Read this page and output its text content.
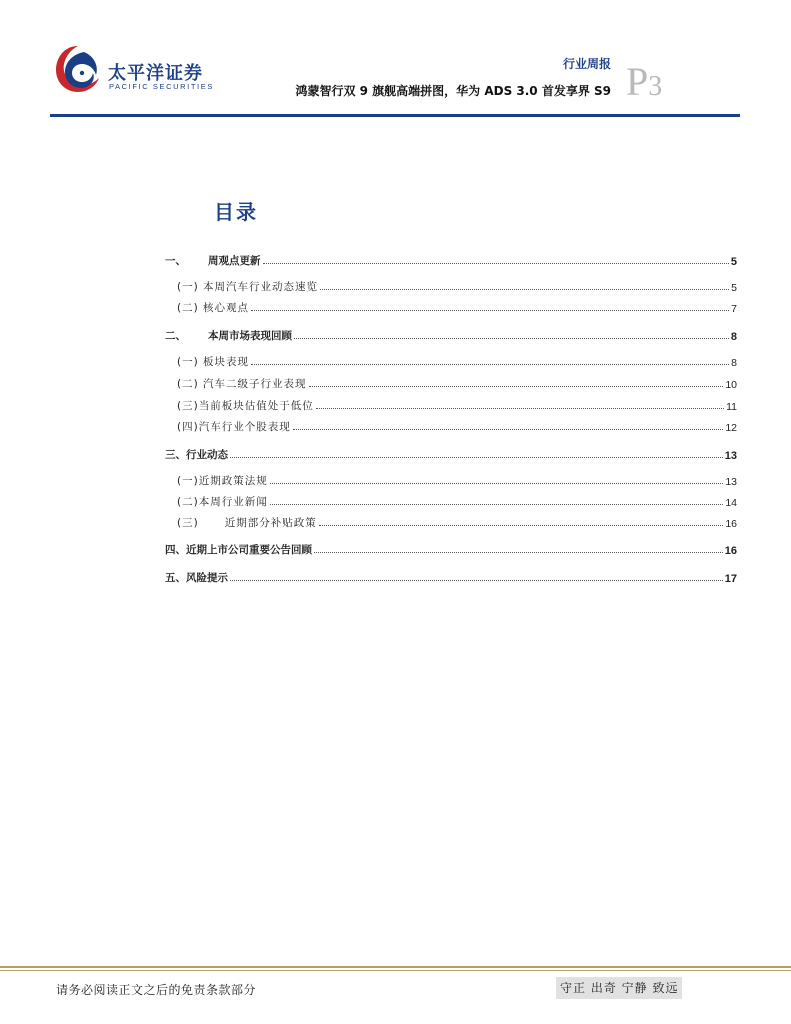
太平洋证券
PACIFIC SECURITIES
行业周报
鸿蒙智行双 9 旗舰高端拼图，华为 ADS 3.0 首发享界 S9 P3
目录
一、 周观点更新	5
(一) 本周汽车行业动态速览	5
(二) 核心观点	7
二、 本周市场表现回顾	8
(一) 板块表现	8
(二) 汽车二级子行业表现	10
(三)当前板块估值处于低位	11
(四)汽车行业个股表现	12
三、行业动态	13
(一)近期政策法规	13
(二)本周行业新闻	14
(三) 近期部分补贴政策	16
四、近期上市公司重要公告回顾	16
五、风险提示	17
请务必阅读正文之后的免责条款部分	守正 出奇 宁静 致远
